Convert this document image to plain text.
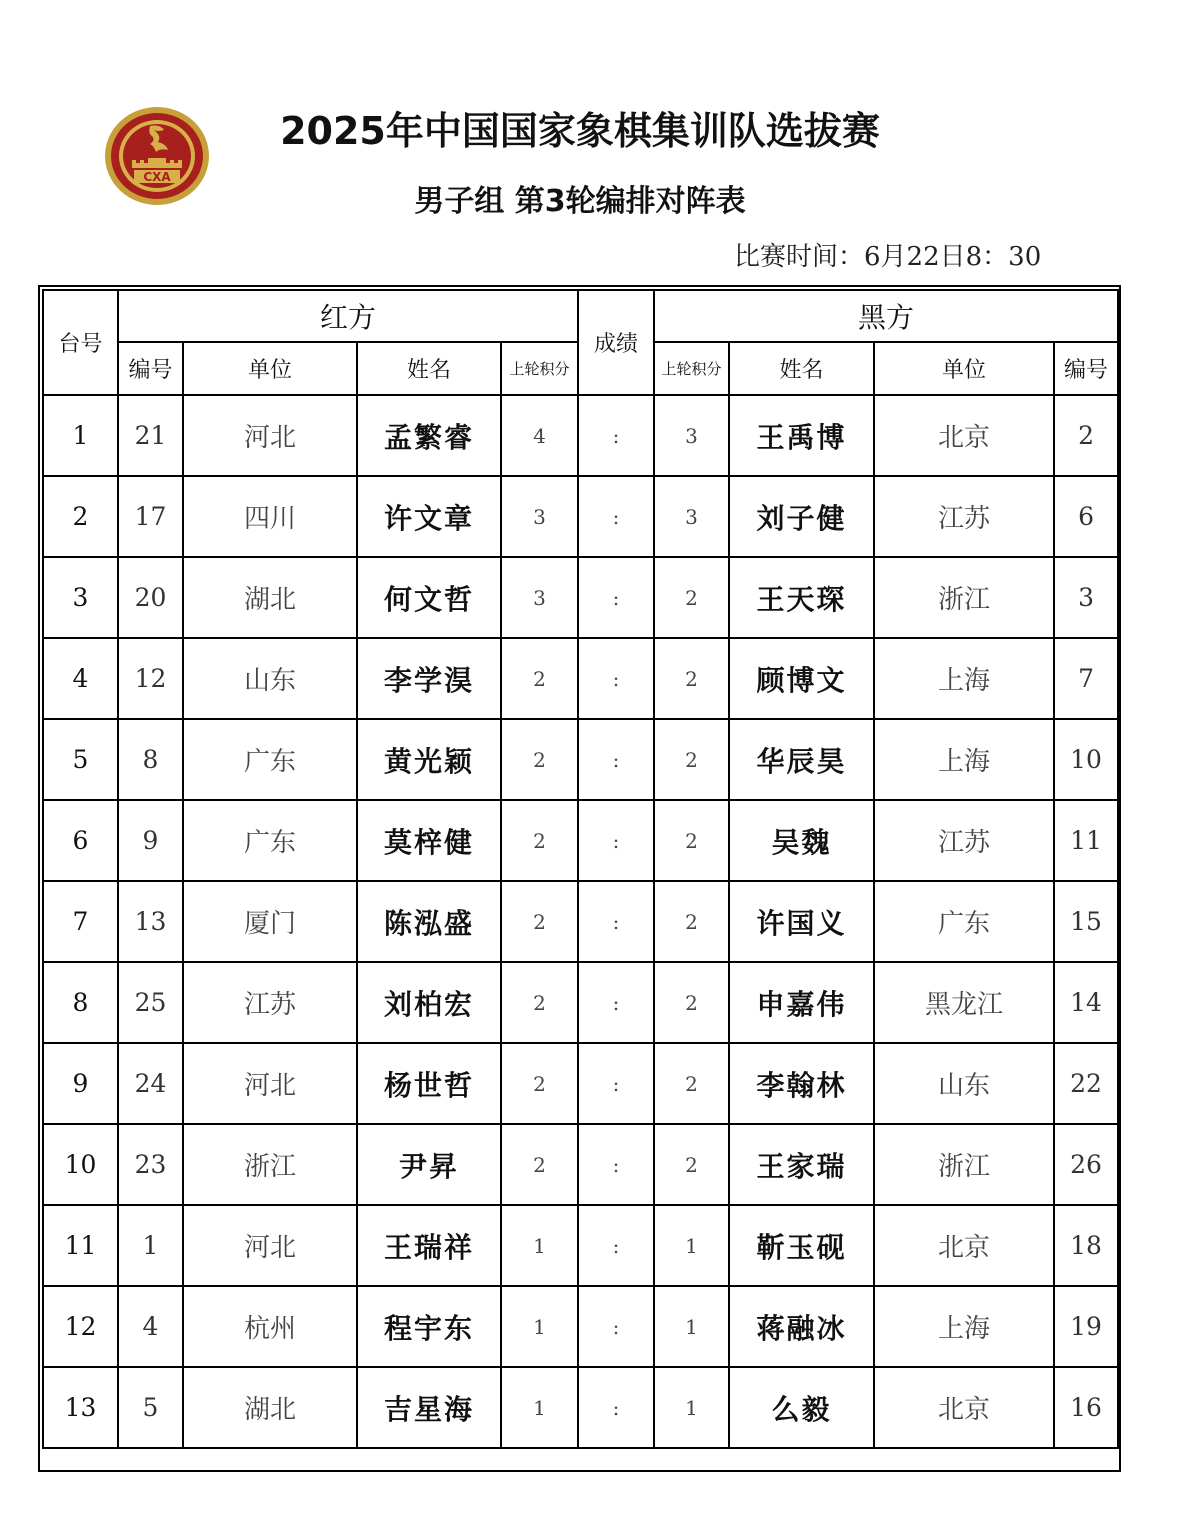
CXA
2025年中国国家象棋集训队选拔赛
男子组 第3轮编排对阵表
比赛时间：6月22日8：30
台号	红方				成绩	黑方			
	编号	单位	姓名	上轮积分		上轮积分	姓名	单位	编号
1	21	河北	孟繁睿	4	:	3	王禹博	北京	2
2	17	四川	许文章	3	:	3	刘子健	江苏	6
3	20	湖北	何文哲	3	:	2	王天琛	浙江	3
4	12	山东	李学淏	2	:	2	顾博文	上海	7
5	8	广东	黄光颖	2	:	2	华辰昊	上海	10
6	9	广东	莫梓健	2	:	2	吴魏	江苏	11
7	13	厦门	陈泓盛	2	:	2	许国义	广东	15
8	25	江苏	刘柏宏	2	:	2	申嘉伟	黑龙江	14
9	24	河北	杨世哲	2	:	2	李翰林	山东	22
10	23	浙江	尹昇	2	:	2	王家瑞	浙江	26
11	1	河北	王瑞祥	1	:	1	靳玉砚	北京	18
12	4	杭州	程宇东	1	:	1	蒋融冰	上海	19
13	5	湖北	吉星海	1	:	1	么毅	北京	16
